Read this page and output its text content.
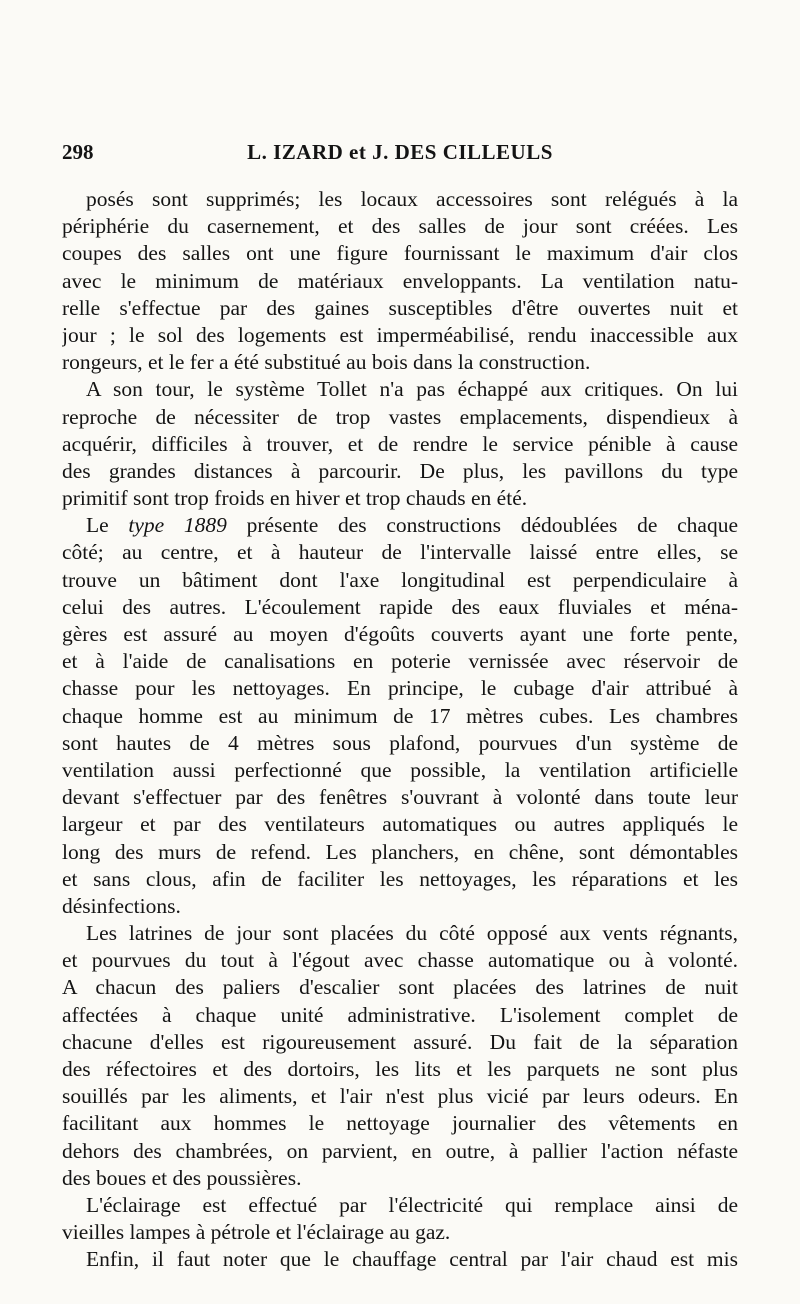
298	L. IZARD et J. DES CILLEULS
posés sont supprimés; les locaux accessoires sont relégués à la
périphérie du casernement, et des salles de jour sont créées. Les
coupes des salles ont une figure fournissant le maximum d'air clos
avec le minimum de matériaux enveloppants. La ventilation natu-
relle s'effectue par des gaines susceptibles d'être ouvertes nuit et
jour ; le sol des logements est imperméabilisé, rendu inaccessible aux
rongeurs, et le fer a été substitué au bois dans la construction.
A son tour, le système Tollet n'a pas échappé aux critiques. On lui
reproche de nécessiter de trop vastes emplacements, dispendieux à
acquérir, difficiles à trouver, et de rendre le service pénible à cause
des grandes distances à parcourir. De plus, les pavillons du type
primitif sont trop froids en hiver et trop chauds en été.
Le type 1889 présente des constructions dédoublées de chaque
côté; au centre, et à hauteur de l'intervalle laissé entre elles, se
trouve un bâtiment dont l'axe longitudinal est perpendiculaire à
celui des autres. L'écoulement rapide des eaux fluviales et ména-
gères est assuré au moyen d'égoûts couverts ayant une forte pente,
et à l'aide de canalisations en poterie vernissée avec réservoir de
chasse pour les nettoyages. En principe, le cubage d'air attribué à
chaque homme est au minimum de 17 mètres cubes. Les chambres
sont hautes de 4 mètres sous plafond, pourvues d'un système de
ventilation aussi perfectionné que possible, la ventilation artificielle
devant s'effectuer par des fenêtres s'ouvrant à volonté dans toute leur
largeur et par des ventilateurs automatiques ou autres appliqués le
long des murs de refend. Les planchers, en chêne, sont démontables
et sans clous, afin de faciliter les nettoyages, les réparations et les
désinfections.
Les latrines de jour sont placées du côté opposé aux vents régnants,
et pourvues du tout à l'égout avec chasse automatique ou à volonté.
A chacun des paliers d'escalier sont placées des latrines de nuit
affectées à chaque unité administrative. L'isolement complet de
chacune d'elles est rigoureusement assuré. Du fait de la séparation
des réfectoires et des dortoirs, les lits et les parquets ne sont plus
souillés par les aliments, et l'air n'est plus vicié par leurs odeurs. En
facilitant aux hommes le nettoyage journalier des vêtements en
dehors des chambrées, on parvient, en outre, à pallier l'action néfaste
des boues et des poussières.
L'éclairage est effectué par l'électricité qui remplace ainsi de
vieilles lampes à pétrole et l'éclairage au gaz.
Enfin, il faut noter que le chauffage central par l'air chaud est mis
